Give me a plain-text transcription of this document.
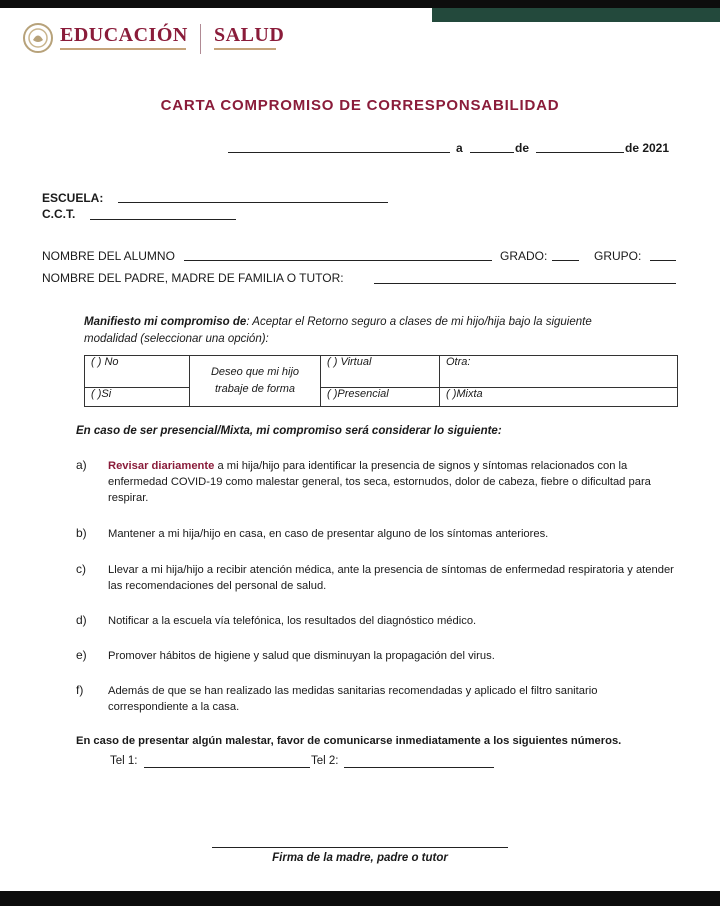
EDUCACIÓN SALUD
CARTA COMPROMISO DE CORRESPONSABILIDAD
a	de	de 2021
ESCUELA:
C.C.T.
NOMBRE DEL ALUMNO	GRADO:	GRUPO:
NOMBRE DEL PADRE, MADRE DE FAMILIA O TUTOR:
Manifiesto mi compromiso de: Aceptar el Retorno seguro a clases de mi hijo/hija bajo la siguiente
modalidad (seleccionar una opción):
( ) No	Deseo que mi hijo trabaje de forma	( ) Virtual	Otra:
( )Si		( )Presencial	( )Mixta
En caso de ser presencial/Mixta, mi compromiso será considerar lo siguiente:
a) Revisar diariamente a mi hija/hijo para identificar la presencia de signos y síntomas relacionados con la enfermedad COVID-19 como malestar general, tos seca, estornudos, dolor de cabeza, fiebre o dificultad para respirar.
b) Mantener a mi hija/hijo en casa, en caso de presentar alguno de los síntomas anteriores.
c) Llevar a mi hija/hijo a recibir atención médica, ante la presencia de síntomas de enfermedad respiratoria y atender las recomendaciones del personal de salud.
d) Notificar a la escuela vía telefónica, los resultados del diagnóstico médico.
e) Promover hábitos de higiene y salud que disminuyan la propagación del virus.
f) Además de que se han realizado las medidas sanitarias recomendadas y aplicado el filtro sanitario correspondiente a la casa.
En caso de presentar algún malestar, favor de comunicarse inmediatamente a los siguientes números.
Tel 1:	Tel 2:
Firma de la madre, padre o tutor
